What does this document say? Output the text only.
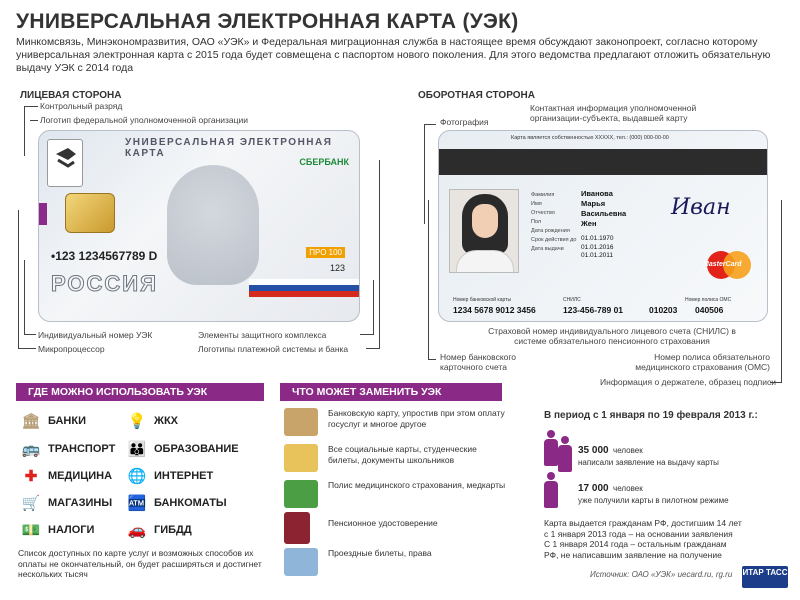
УНИВЕРСАЛЬНАЯ ЭЛЕКТРОННАЯ КАРТА (УЭК)
Минкомсвязь, Минэкономразвития, ОАО «УЭК» и Федеральная миграционная служба в настоящее время обсуждают законопроект, согласно которому универсальная электронная карта с 2015 года будет совмещена с паспортом нового поколения. Для этого ведомства предлагают отложить обязательную выдачу УЭК с 2014 года
ЛИЦЕВАЯ СТОРОНА
Контрольный разряд
Логотип федеральной уполномоченной организации
УНИВЕРСАЛЬНАЯ ЭЛЕКТРОННАЯ КАРТА
СБЕРБАНК
•123 1234567789 D
РОССИЯ
ПРО 100
123
Индивидуальный номер УЭК
Микропроцессор
Элементы защитного комплекса
Логотипы платежной системы и банка
ОБОРОТНАЯ СТОРОНА
Фотография
Контактная информация уполномоченной организации-субъекта, выдавшей карту
Карта является собственностью XXXXX, тел.: (000) 000-00-00
Фамилия
Имя
Отчество
Пол
Дата рождения
Срок действия до
Дата выдачи
Иванова
Марья
Васильевна
Жен
01.01.1970
01.01.2016
01.01.2011
Иван
MasterCard
Номер банковской карты
1234 5678 9012 3456
СНИЛС
123-456-789 01
Номер полиса ОМС
010203 040506
Страховой номер индивидуального лицевого счета (СНИЛС) в системе обязательного пенсионного страхования
Номер банковского карточного счета
Номер полиса обязательного медицинского страхования (ОМС)
Информация о держателе, образец подписи
ГДЕ МОЖНО ИСПОЛЬЗОВАТЬ УЭК	ЧТО МОЖЕТ ЗАМЕНИТЬ УЭК
🏛 БАНКИ	💡 ЖКХ
🚌 ТРАНСПОРТ 👪 ОБРАЗОВАНИЕ
✚ МЕДИЦИНА 🌐 ИНТЕРНЕТ
🛒 МАГАЗИНЫ 🏧 БАНКОМАТЫ
💵 НАЛОГИ 🚗 ГИБДД
Список доступных по карте услуг и возможных способов их оплаты не окончательный, он будет расширяться и достигнет нескольких тысяч
Банковскую карту, упростив при этом оплату госуслуг и многое другое
Все социальные карты, студенческие билеты, документы школьников
Полис медицинского страхования, медкарты
Пенсионное удостоверение
Проездные билеты, права
В период с 1 января по 19 февраля 2013 г.:
35 000 человек
написали заявление на выдачу карты
17 000 человек
уже получили карты в пилотном режиме
Карта выдается гражданам РФ, достигшим 14 лет
с 1 января 2013 года – на основании заявления
С 1 января 2014 года – остальным гражданам
РФ, не написавшим заявление на получение
Источник: ОАО «УЭК» uecard.ru, rg.ru ИТАР ТАСС
